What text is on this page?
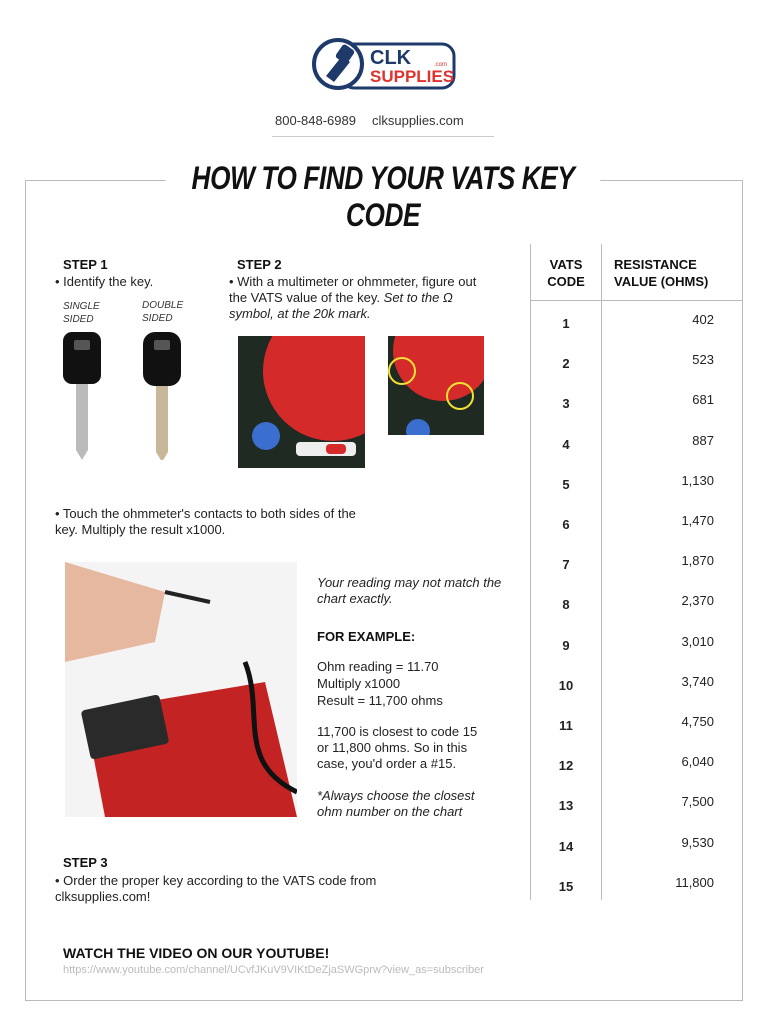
CLK
SUPPLIES
.com
800-848-6989 clksupplies.com
HOW TO FIND YOUR VATS KEY CODE
STEP 1
• Identify the key.
SINGLE SIDED
DOUBLE SIDED
STEP 2
• With a multimeter or ohmmeter, figure out the VATS value of the key. Set to the Ω symbol, at the 20k mark.
• Touch the ohmmeter's contacts to both sides of the key. Multiply the result x1000.
Your reading may not match the chart exactly.
FOR EXAMPLE:
Ohm reading = 11.70
Multiply x1000
Result = 11,700 ohms
11,700 is closest to code 15 or 11,800 ohms. So in this case, you'd order a #15.
*Always choose the closest ohm number on the chart
STEP 3
• Order the proper key according to the VATS code from clksupplies.com!
WATCH THE VIDEO ON OUR YOUTUBE!
https://www.youtube.com/channel/UCvfJKuV9VIKtDeZjaSWGprw?view_as=subscriber
VATS CODE
RESISTANCE VALUE (OHMS)
1	402
2	523
3	681
4	887
5	1,130
6	1,470
7	1,870
8	2,370
9	3,010
10	3,740
11	4,750
12	6,040
13	7,500
14	9,530
15	11,800
